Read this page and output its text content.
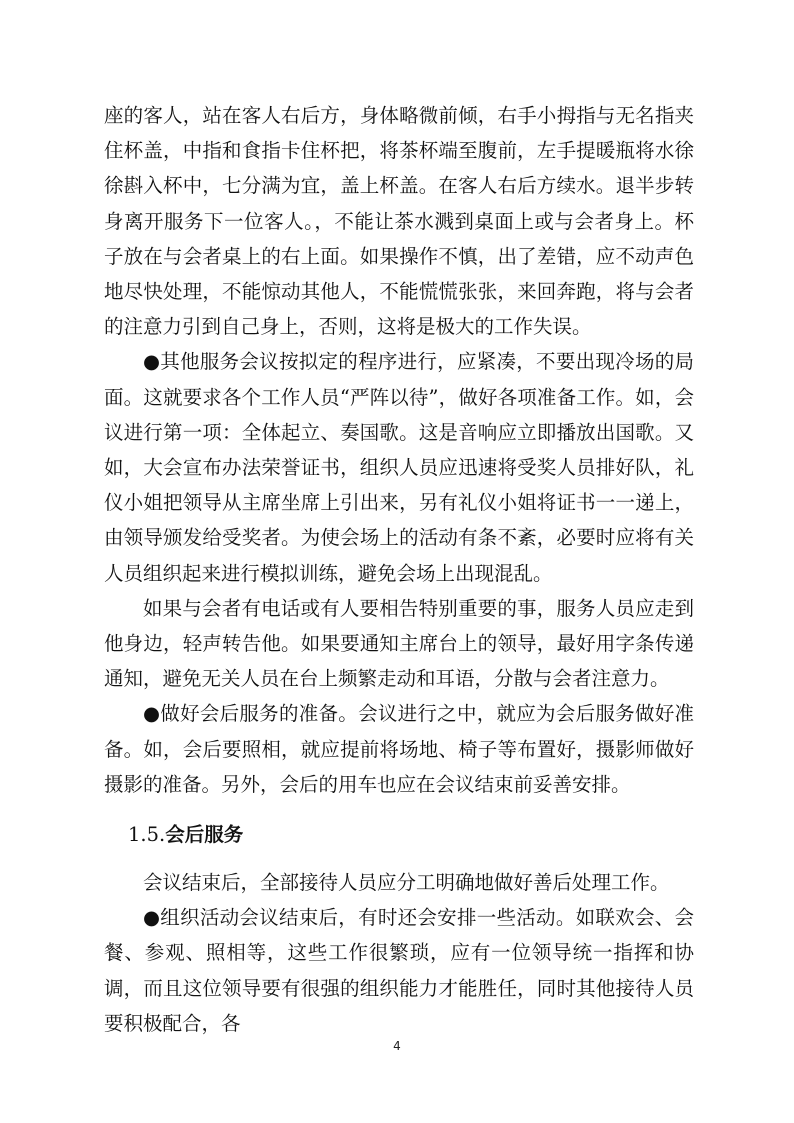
座的客人，站在客人右后方，身体略微前倾，右手小拇指与无名指夹住杯盖，中指和食指卡住杯把，将茶杯端至腹前，左手提暖瓶将水徐徐斟入杯中，七分满为宜，盖上杯盖。在客人右后方续水。退半步转身离开服务下一位客人。，不能让茶水溅到桌面上或与会者身上。杯子放在与会者桌上的右上面。如果操作不慎，出了差错，应不动声色地尽快处理，不能惊动其他人，不能慌慌张张，来回奔跑，将与会者的注意力引到自己身上，否则，这将是极大的工作失误。

●其他服务会议按拟定的程序进行，应紧凑，不要出现冷场的局面。这就要求各个工作人员“严阵以待”，做好各项准备工作。如，会议进行第一项：全体起立、奏国歌。这是音响应立即播放出国歌。又如，大会宣布办法荣誉证书，组织人员应迅速将受奖人员排好队，礼仪小姐把领导从主席坐席上引出来，另有礼仪小姐将证书一一递上，由领导颁发给受奖者。为使会场上的活动有条不紊，必要时应将有关人员组织起来进行模拟训练，避免会场上出现混乱。

如果与会者有电话或有人要相告特别重要的事，服务人员应走到他身边，轻声转告他。如果要通知主席台上的领导，最好用字条传递通知，避免无关人员在台上频繁走动和耳语，分散与会者注意力。

●做好会后服务的准备。会议进行之中，就应为会后服务做好准备。如，会后要照相，就应提前将场地、椅子等布置好，摄影师做好摄影的准备。另外，会后的用车也应在会议结束前妥善安排。

1.5.会后服务

会议结束后，全部接待人员应分工明确地做好善后处理工作。

●组织活动会议结束后，有时还会安排一些活动。如联欢会、会餐、参观、照相等，这些工作很繁琐，应有一位领导统一指挥和协调，而且这位领导要有很强的组织能力才能胜任，同时其他接待人员要积极配合，各

4
